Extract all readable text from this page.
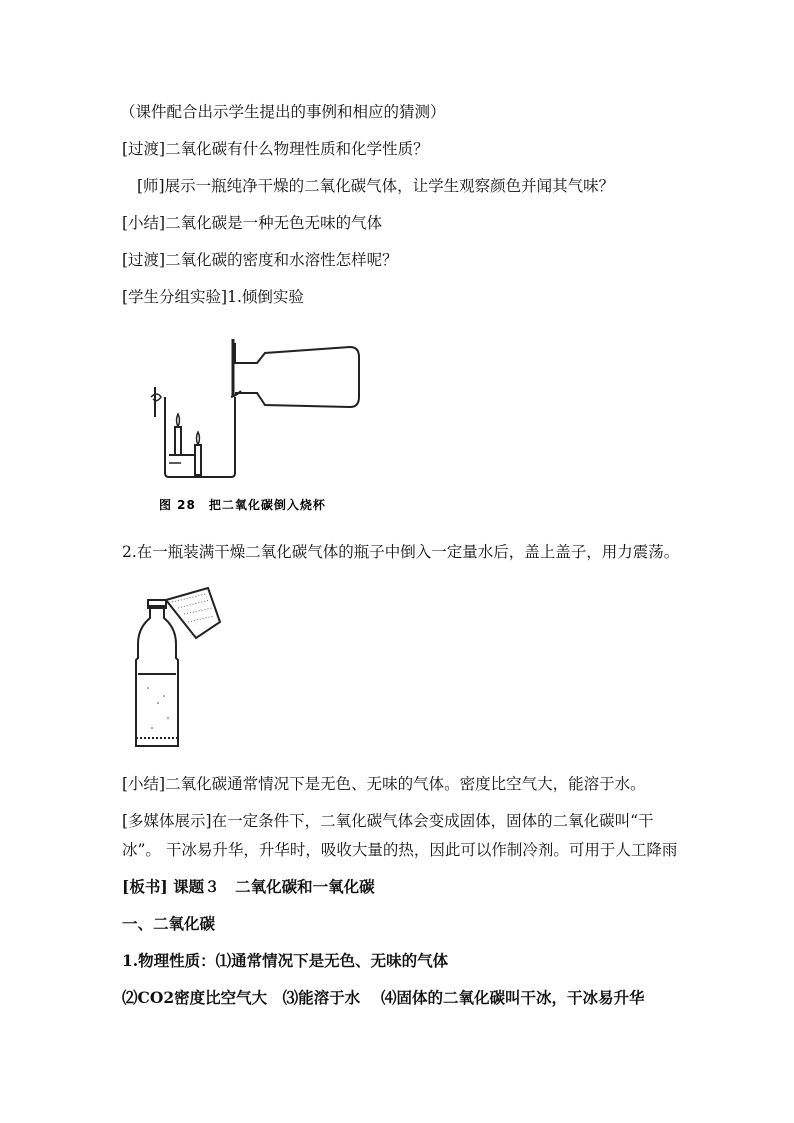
（课件配合出示学生提出的事例和相应的猜测）
[过渡]二氧化碳有什么物理性质和化学性质？
[师]展示一瓶纯净干燥的二氧化碳气体，让学生观察颜色并闻其气味？
[小结]二氧化碳是一种无色无味的气体
[过渡]二氧化碳的密度和水溶性怎样呢？
[学生分组实验]1.倾倒实验
图 28　把二氧化碳倒入烧杯
2.在一瓶装满干燥二氧化碳气体的瓶子中倒入一定量水后，盖上盖子，用力震荡。
[小结]二氧化碳通常情况下是无色、无味的气体。密度比空气大，能溶于水。
[多媒体展示]在一定条件下，二氧化碳气体会变成固体，固体的二氧化碳叫“干
冰”。 干冰易升华，升华时，吸收大量的热，因此可以作制冷剂。可用于人工降雨
[板书] 课题３　二氧化碳和一氧化碳
一、二氧化碳
1.物理性质：⑴通常情况下是无色、无味的气体
⑵CO2密度比空气大　⑶能溶于水　 ⑷固体的二氧化碳叫干冰，干冰易升华
